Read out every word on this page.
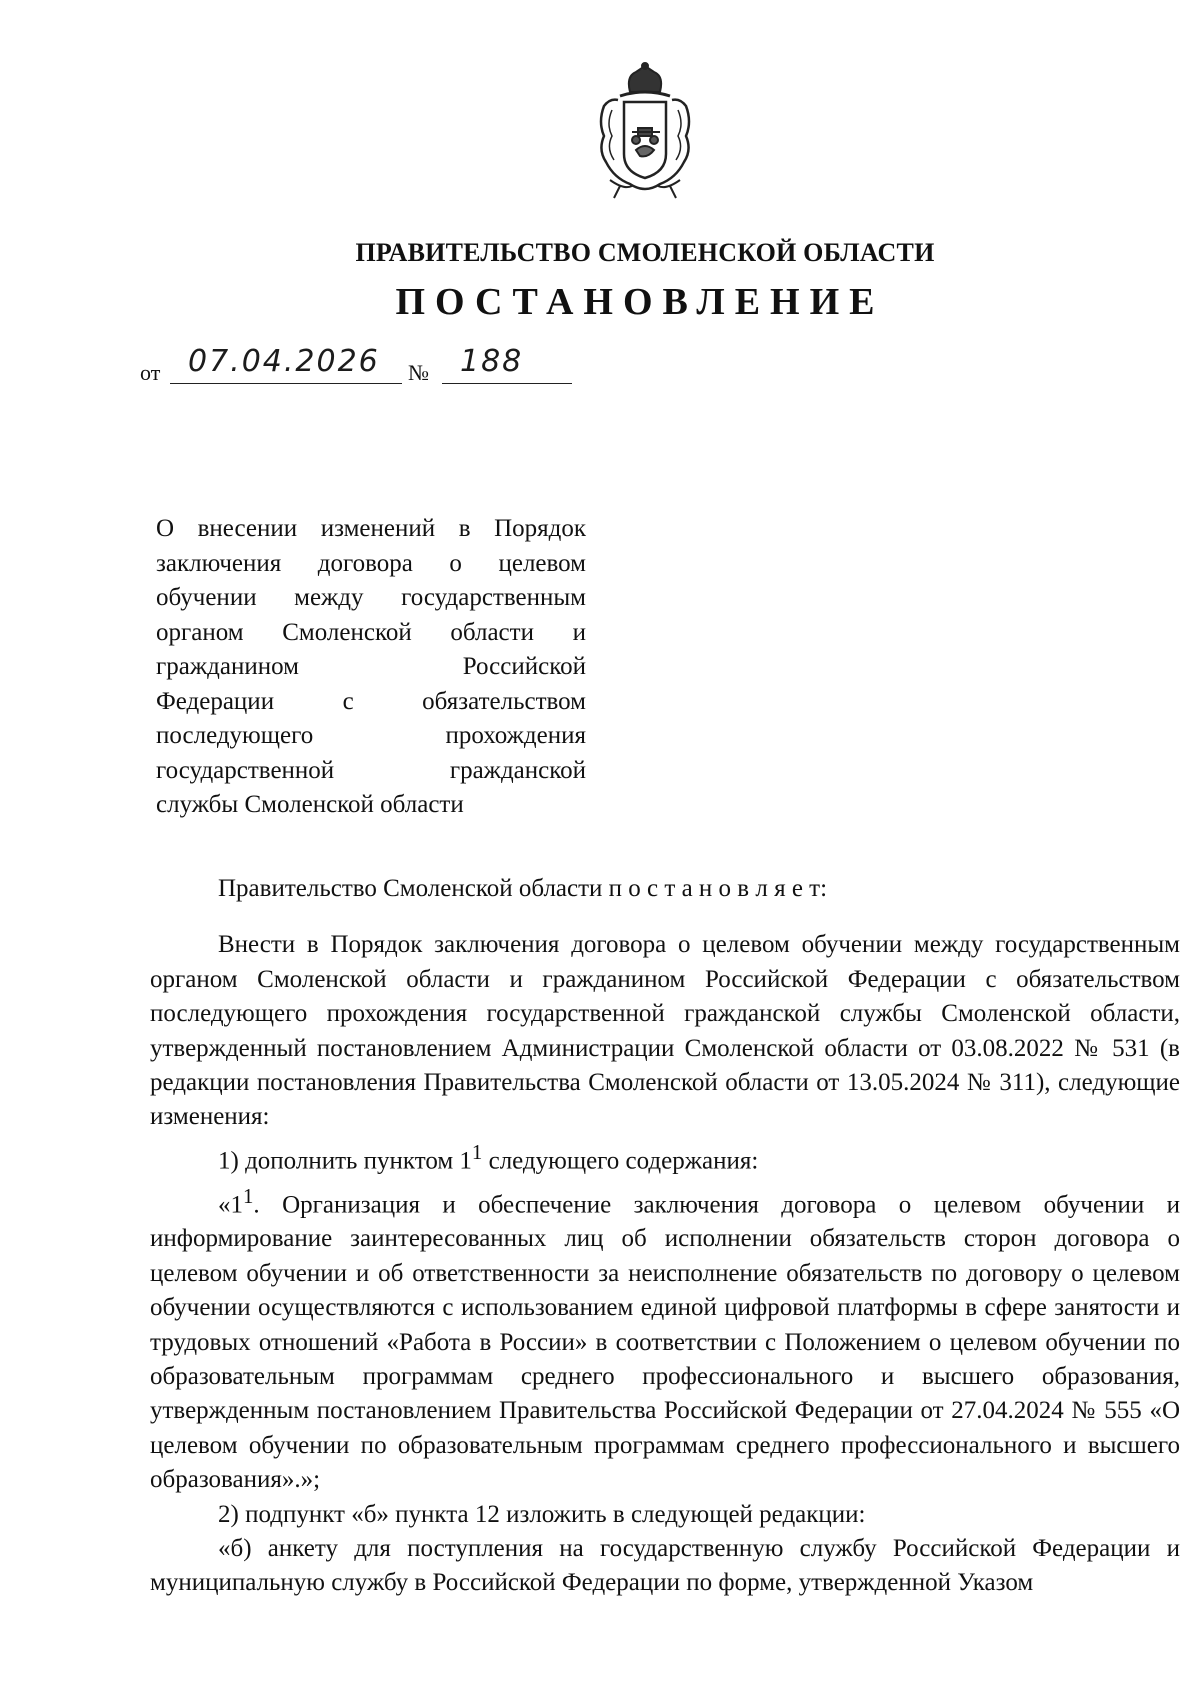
ПРАВИТЕЛЬСТВО СМОЛЕНСКОЙ ОБЛАСТИ
ПОСТАНОВЛЕНИЕ
от 07.04.2026 № 188
О внесении изменений в Порядок
заключения договора о целевом
обучении между государственным
органом Смоленской области и
гражданином Российской
Федерации с обязательством
последующего прохождения
государственной гражданской
службы Смоленской области

Правительство Смоленской области п о с т а н о в л я е т:

Внести в Порядок заключения договора о целевом обучении между государственным органом Смоленской области и гражданином Российской Федерации с обязательством последующего прохождения государственной гражданской службы Смоленской области, утвержденный постановлением Администрации Смоленской области от 03.08.2022 № 531 (в редакции постановления Правительства Смоленской области от 13.05.2024 № 311), следующие изменения:

1) дополнить пунктом $1^1$ следующего содержания:

«$1^1$. Организация и обеспечение заключения договора о целевом обучении и информирование заинтересованных лиц об исполнении обязательств сторон договора о целевом обучении и об ответственности за неисполнение обязательств по договору о целевом обучении осуществляются с использованием единой цифровой платформы в сфере занятости и трудовых отношений «Работа в России» в соответствии с Положением о целевом обучении по образовательным программам среднего профессионального и высшего образования, утвержденным постановлением Правительства Российской Федерации от 27.04.2024 № 555 «О целевом обучении по образовательным программам среднего профессионального и высшего образования».»;

2) подпункт «б» пункта 12 изложить в следующей редакции:

«б) анкету для поступления на государственную службу Российской Федерации и муниципальную службу в Российской Федерации по форме, утвержденной Указом
